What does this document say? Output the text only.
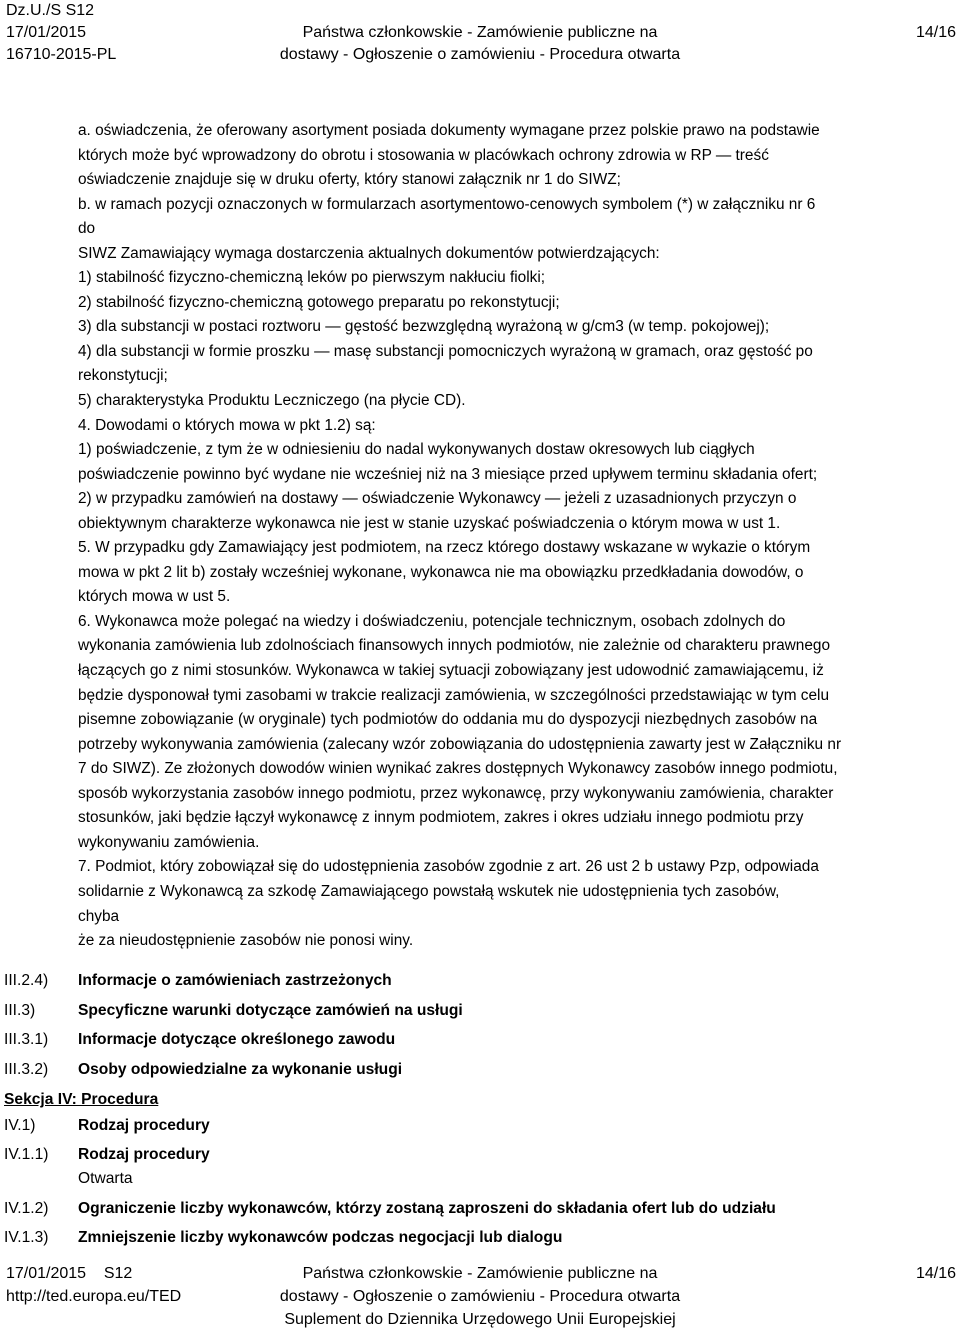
Dz.U./S S12
17/01/2015
16710-2015-PL
Państwa członkowskie - Zamówienie publiczne na
dostawy - Ogłoszenie o zamówieniu - Procedura otwarta
14/16

a. oświadczenia, że oferowany asortyment posiada dokumenty wymagane przez polskie prawo na podstawie
których może być wprowadzony do obrotu i stosowania w placówkach ochrony zdrowia w RP — treść
oświadczenie znajduje się w druku oferty, który stanowi załącznik nr 1 do SIWZ;

b. w ramach pozycji oznaczonych w formularzach asortymentowo-cenowych symbolem (*) w załączniku nr 6
do

SIWZ Zamawiający wymaga dostarczenia aktualnych dokumentów potwierdzających:

1) stabilność fizyczno-chemiczną leków po pierwszym nakłuciu fiolki;

2) stabilność fizyczno-chemiczną gotowego preparatu po rekonstytucji;

3) dla substancji w postaci roztworu — gęstość bezwzględną wyrażoną w g/cm3 (w temp. pokojowej);

4) dla substancji w formie proszku — masę substancji pomocniczych wyrażoną w gramach, oraz gęstość po
rekonstytucji;

5) charakterystyka Produktu Leczniczego (na płycie CD).

4. Dowodami o których mowa w pkt 1.2) są:

1) poświadczenie, z tym że w odniesieniu do nadal wykonywanych dostaw okresowych lub ciągłych
poświadczenie powinno być wydane nie wcześniej niż na 3 miesiące przed upływem terminu składania ofert;

2) w przypadku zamówień na dostawy — oświadczenie Wykonawcy — jeżeli z uzasadnionych przyczyn o
obiektywnym charakterze wykonawca nie jest w stanie uzyskać poświadczenia o którym mowa w ust 1.

5. W przypadku gdy Zamawiający jest podmiotem, na rzecz którego dostawy wskazane w wykazie o którym
mowa w pkt 2 lit b) zostały wcześniej wykonane, wykonawca nie ma obowiązku przedkładania dowodów, o
których mowa w ust 5.

6. Wykonawca może polegać na wiedzy i doświadczeniu, potencjale technicznym, osobach zdolnych do
wykonania zamówienia lub zdolnościach finansowych innych podmiotów, nie zależnie od charakteru prawnego
łączących go z nimi stosunków. Wykonawca w takiej sytuacji zobowiązany jest udowodnić zamawiającemu, iż
będzie dysponował tymi zasobami w trakcie realizacji zamówienia, w szczególności przedstawiając w tym celu
pisemne zobowiązanie (w oryginale) tych podmiotów do oddania mu do dyspozycji niezbędnych zasobów na
potrzeby wykonywania zamówienia (zalecany wzór zobowiązania do udostępnienia zawarty jest w Załączniku nr
7 do SIWZ). Ze złożonych dowodów winien wynikać zakres dostępnych Wykonawcy zasobów innego podmiotu,
sposób wykorzystania zasobów innego podmiotu, przez wykonawcę, przy wykonywaniu zamówienia, charakter
stosunków, jaki będzie łączył wykonawcę z innym podmiotem, zakres i okres udziału innego podmiotu przy
wykonywaniu zamówienia.

7. Podmiot, który zobowiązał się do udostępnienia zasobów zgodnie z art. 26 ust 2 b ustawy Pzp, odpowiada
solidarnie z Wykonawcą za szkodę Zamawiającego powstałą wskutek nie udostępnienia tych zasobów,
chyba

że za nieudostępnienie zasobów nie ponosi winy.

III.2.4) Informacje o zamówieniach zastrzeżonych
III.3)	Specyficzne warunki dotyczące zamówień na usługi
III.3.1) Informacje dotyczące określonego zawodu
III.3.2) Osoby odpowiedzialne za wykonanie usługi
Sekcja IV: Procedura
IV.1)	Rodzaj procedury
IV.1.1) Rodzaj procedury
Otwarta
IV.1.2) Ograniczenie liczby wykonawców, którzy zostaną zaproszeni do składania ofert lub do udziału
IV.1.3) Zmniejszenie liczby wykonawców podczas negocjacji lub dialogu
17/01/2015    S12
http://ted.europa.eu/TED
Państwa członkowskie - Zamówienie publiczne na
dostawy - Ogłoszenie o zamówieniu - Procedura otwarta
Suplement do Dziennika Urzędowego Unii Europejskiej
14/16
